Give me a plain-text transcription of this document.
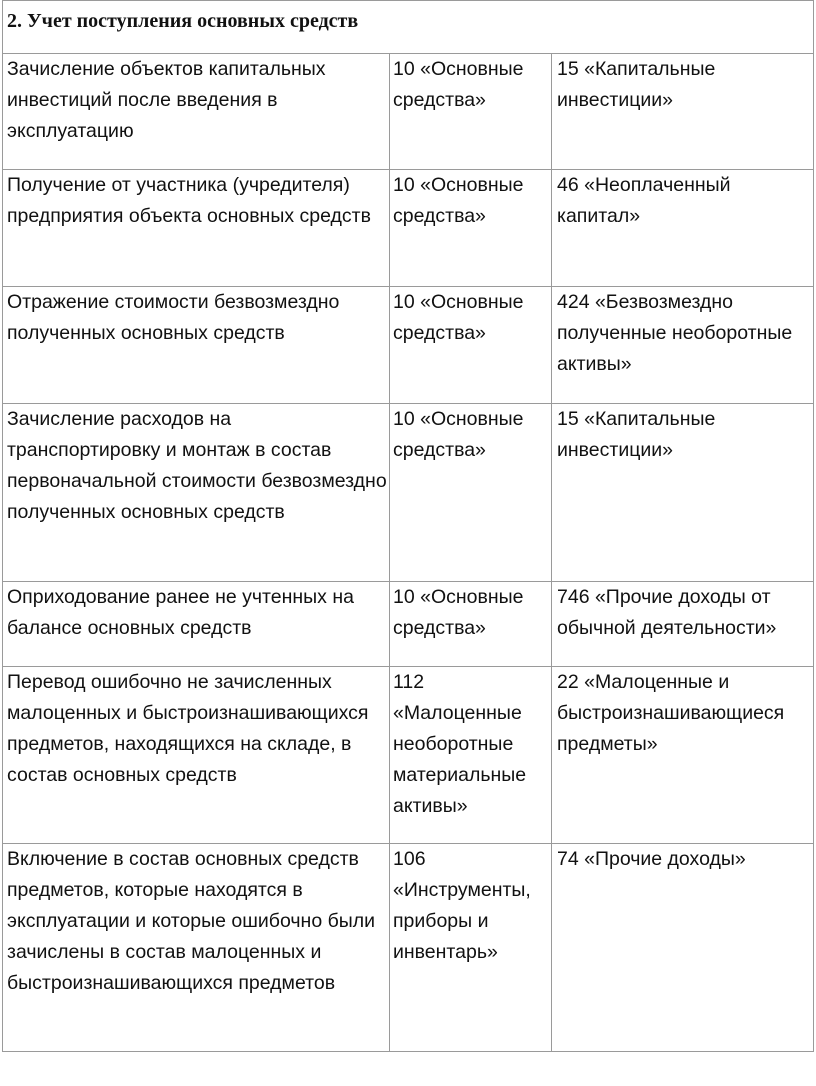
2. Учет поступления основных средств		
Зачисление объектов капитальных инвестиций после введения в эксплуатацию	10 «Основные средства»	15 «Капитальные инвестиции»
Получение от участника (учредителя) предприятия объекта основных средств	10 «Основные средства»	46 «Неоплаченный капитал»
Отражение стоимости безвозмездно полученных основных средств	10 «Основные средства»	424 «Безвозмездно полученные необоротные активы»
Зачисление расходов на транспортировку и монтаж в состав первоначальной стоимости безвозмездно полученных основных средств	10 «Основные средства»	15 «Капитальные инвестиции»
Оприходование ранее не учтенных на балансе основных средств	10 «Основные средства»	746 «Прочие доходы от обычной деятельности»
Перевод ошибочно не зачисленных малоценных и быстроизнашивающихся предметов, находящихся на складе, в состав основных средств	112 «Малоценные необоротные материальные активы»	22 «Малоценные и быстроизнашивающиеся предметы»
Включение в состав основных средств предметов, которые находятся в эксплуатации и которые ошибочно были зачислены в состав малоценных и быстроизнашивающихся предметов	106 «Инструменты, приборы и инвентарь»	74 «Прочие доходы»
